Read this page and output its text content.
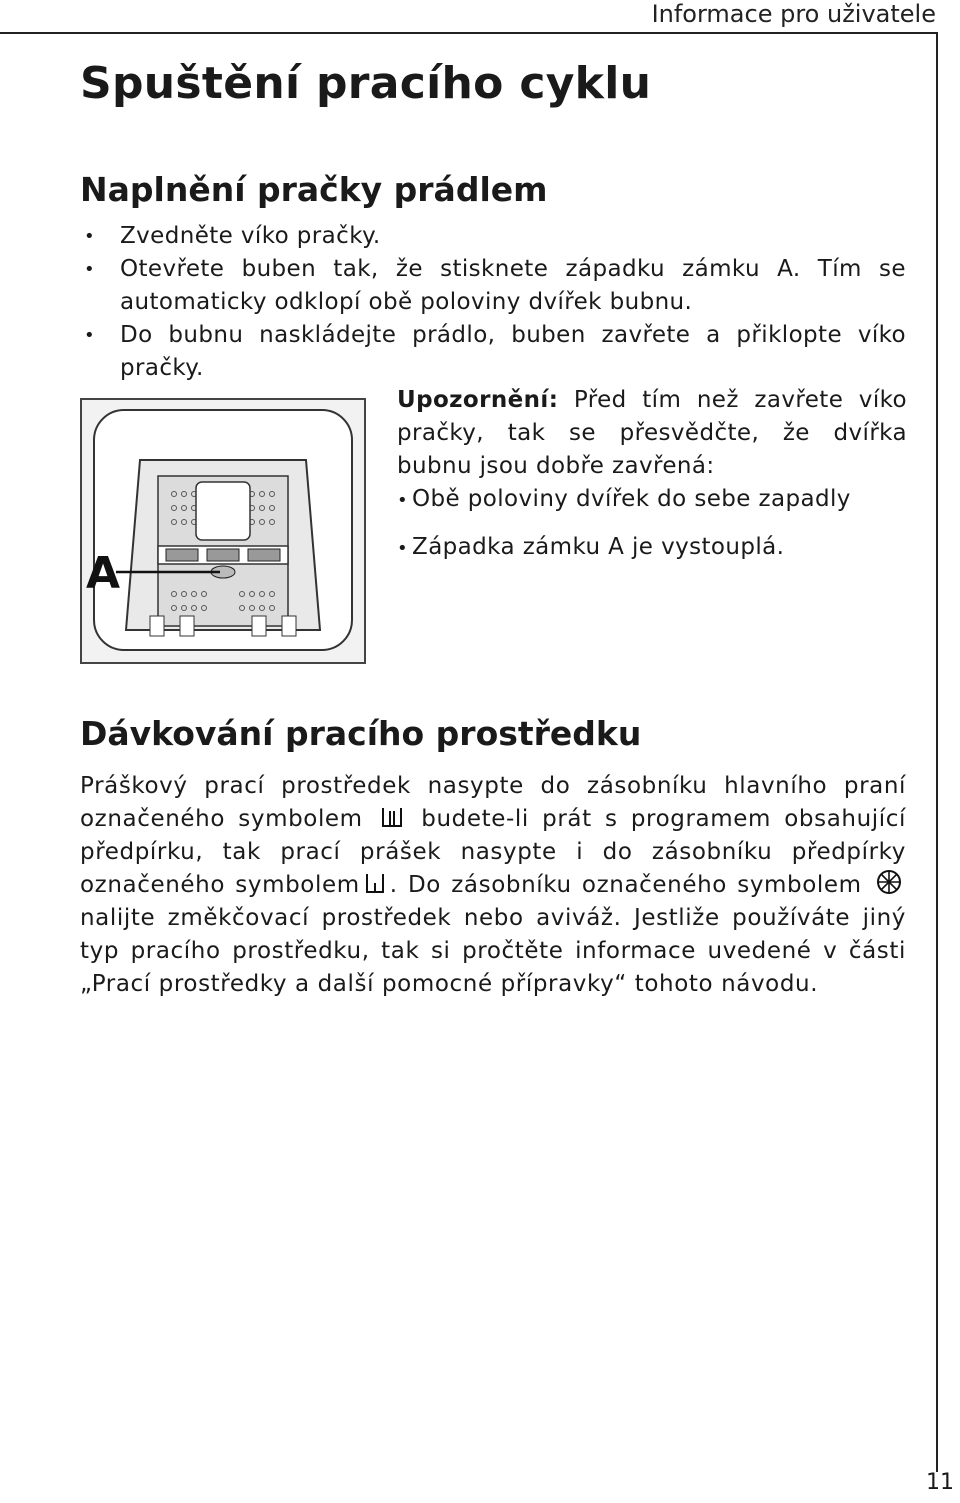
Informace pro uživatele
Spuštění pracího cyklu
Naplnění pračky prádlem
• Zvedněte víko pračky.
• Otevřete buben tak, že stisknete západku zámku A. Tím se automaticky odklopí obě poloviny dvířek bubnu.
• Do bubnu naskládejte prádlo, buben zavřete a přiklopte víko pračky.
A

Upozornění: Před tím než zavřete víko pračky, tak se přesvědčte, že dvířka bubnu jsou dobře zavřená:

• Obě poloviny dvířek do sebe zapadly

• Západka zámku A je vystouplá.

Dávkování pracího prostředku

Práškový prací prostředek nasypte do zásobníku hlavního praní označeného symbolem	budete-li prát s programem obsahující předpírku, tak prací prášek nasypte i do zásobníku předpírky označeného symbolem . Do zásobníku označeného symbolem  nalijte změkčovací prostředek nebo aviváž. Jestliže používáte jiný typ pracího prostředku, tak si pročtěte informace uvedené v části „Prací prostředky a další pomocné přípravky“ tohoto návodu.

11
